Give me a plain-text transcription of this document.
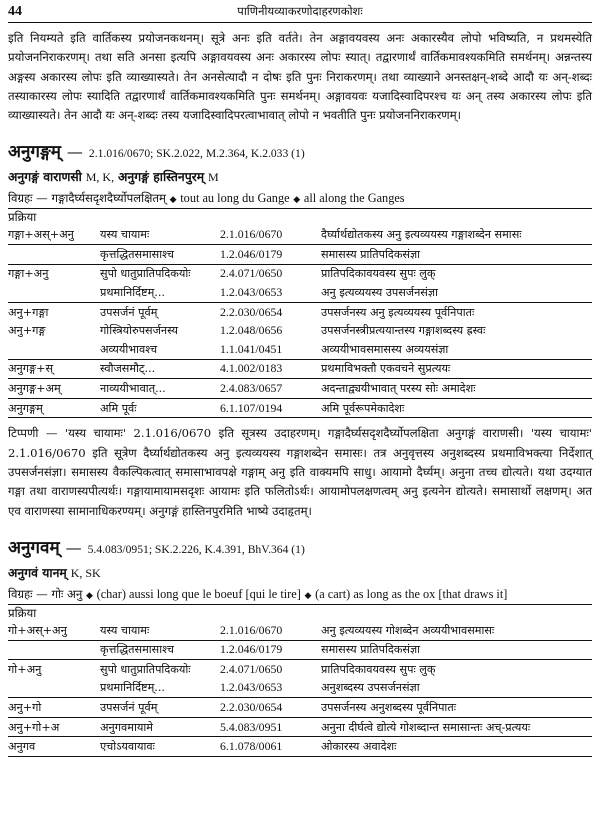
44	पाणिनीयव्याकरणोदाहरणकोशः

इति नियम्यते इति वार्तिकस्य प्रयोजनकथनम्। सूत्रे अनः इति वर्तते। तेन अङ्गावयवस्य अनः अकारस्यैव लोपो भविष्यति, न प्रथमस्येति प्रयोजननिराकरणम्। तथा सति अनसा इत्यपि अङ्गावयवस्य अनः अकारस्य लोपः स्यात्। तद्वारणार्थं वार्तिकमावश्यकमिति समर्थनम्। अन्नन्तस्य अङ्गस्य अकारस्य लोपः इति व्याख्यास्यते। तेन अनसेत्यादौ न दोषः इति पुनः निराकरणम्। तथा व्याख्याने अनस्तक्षन्-शब्दे आदौ यः अन्-शब्दः तस्याकारस्य लोपः स्यादिति तद्वारणार्थं वार्तिकमावश्यकमिति पुनः समर्थनम्। अङ्गावयवः यजादिस्वादिपरश्च यः अन् तस्य अकारस्य लोपः इति व्याख्यास्यते। तेन आदौ यः अन्-शब्दः तस्य यजादिस्वादिपरत्वाभावात् लोपो न भवतीति पुनः प्रयोजननिराकरणम्।

अनुगङ्गम् — 2.1.016/0670; SK.2.022, M.2.364, K.2.033 (1)
अनुगङ्गं वाराणसी M, K, अनुगङ्गं हास्तिनपुरम् M
विग्रहः — गङ्गादैर्घ्यसदृशदैर्घ्योपलक्षितम् ◆ tout au long du Gange ◆ all along the Ganges
प्रक्रिया
गङ्गा+अस्+अनु	यस्य चायामः	2.1.016/0670	दैर्घ्यार्थद्योतकस्य अनु इत्यव्ययस्य गङ्गाशब्देन समासः
	कृत्तद्धितसमासाश्च	1.2.046/0179	समासस्य प्रातिपदिकसंज्ञा
गङ्गा+अनु	सुपो धातुप्रातिपदिकयोः	2.4.071/0650	प्रातिपदिकावयवस्य सुपः लुक्
	प्रथमानिर्दिष्टम्...	1.2.043/0653	अनु इत्यव्ययस्य उपसर्जनसंज्ञा
अनु+गङ्गा	उपसर्जनं पूर्वम्	2.2.030/0654	उपसर्जनस्य अनु इत्यव्ययस्य पूर्वनिपातः
अनु+गङ्ग	गोस्त्रियोरुपसर्जनस्य	1.2.048/0656	उपसर्जनस्त्रीप्रत्ययान्तस्य गङ्गाशब्दस्य ह्रस्वः
	अव्ययीभावश्च	1.1.041/0451	अव्ययीभावसमासस्य अव्ययसंज्ञा
अनुगङ्ग+स्	स्वौजसमौट्...	4.1.002/0183	प्रथमाविभक्तौ एकवचने सुप्रत्ययः
अनुगङ्ग+अम्	नाव्ययीभावात्...	2.4.083/0657	अदन्ताद्व्ययीभावात् परस्य सोः अमादेशः
अनुगङ्गम्	अमि पूर्वः	6.1.107/0194	अमि पूर्वरूपमेकादेशः

टिप्पणी — 'यस्य चायामः' 2.1.016/0670 इति सूत्रस्य उदाहरणम्। गङ्गादैर्घ्यसदृशदैर्घ्योपलक्षिता अनुगङ्गं वाराणसी। 'यस्य चायामः' 2.1.016/0670 इति सूत्रेण दैर्घ्यार्थद्योतकस्य अनु इत्यव्ययस्य गङ्गाशब्देन समासः। तत्र अनुवृत्तस्य अनुशब्दस्य प्रथमाविभक्त्या निर्देशात् उपसर्जनसंज्ञा। समासस्य वैकल्पिकत्वात् समासाभावपक्षे गङ्गाम् अनु इति वाक्यमपि साधु। आयामो दैर्घ्यम्। अनुना तच्च द्योत्यते। यथा उदग्यात गङ्गा तथा वाराणस्यपीत्यर्थः। गङ्गायामायामसदृशः आयामः इति फलितोऽर्थः। आयामोपलक्षणत्वम् अनु इत्यनेन द्योत्यते। समासार्थो लक्षणम्। अत एव वाराणस्या सामानाधिकरण्यम्। अनुगङ्गं हास्तिनपुरमिति भाष्ये उदाहृतम्।

अनुगवम् — 5.4.083/0951; SK.2.226, K.4.391, BhV.364 (1)
अनुगवं यानम् K, SK
विग्रहः — गोः अनु ◆ (char) aussi long que le boeuf [qui le tire] ◆ (a cart) as long as the ox [that draws it]
प्रक्रिया
गो+अस्+अनु	यस्य चायामः	2.1.016/0670	अनु इत्यव्ययस्य गोशब्देन अव्ययीभावसमासः
	कृत्तद्धितसमासाश्च	1.2.046/0179	समासस्य प्रातिपदिकसंज्ञा
गो+अनु	सुपो धातुप्रातिपदिकयोः	2.4.071/0650	प्रातिपदिकावयवस्य सुपः लुक्
	प्रथमानिर्दिष्टम्...	1.2.043/0653	अनुशब्दस्य उपसर्जनसंज्ञा
अनु+गो	उपसर्जनं पूर्वम्	2.2.030/0654	उपसर्जनस्य अनुशब्दस्य पूर्वनिपातः
अनु+गो+अ	अनुगवमायामे	5.4.083/0951	अनुना दीर्घत्वे द्योत्ये गोशब्दान्त समासान्तः अच्-प्रत्ययः
अनुगव	एचोऽयवायावः	6.1.078/0061	ओकारस्य अवादेशः
